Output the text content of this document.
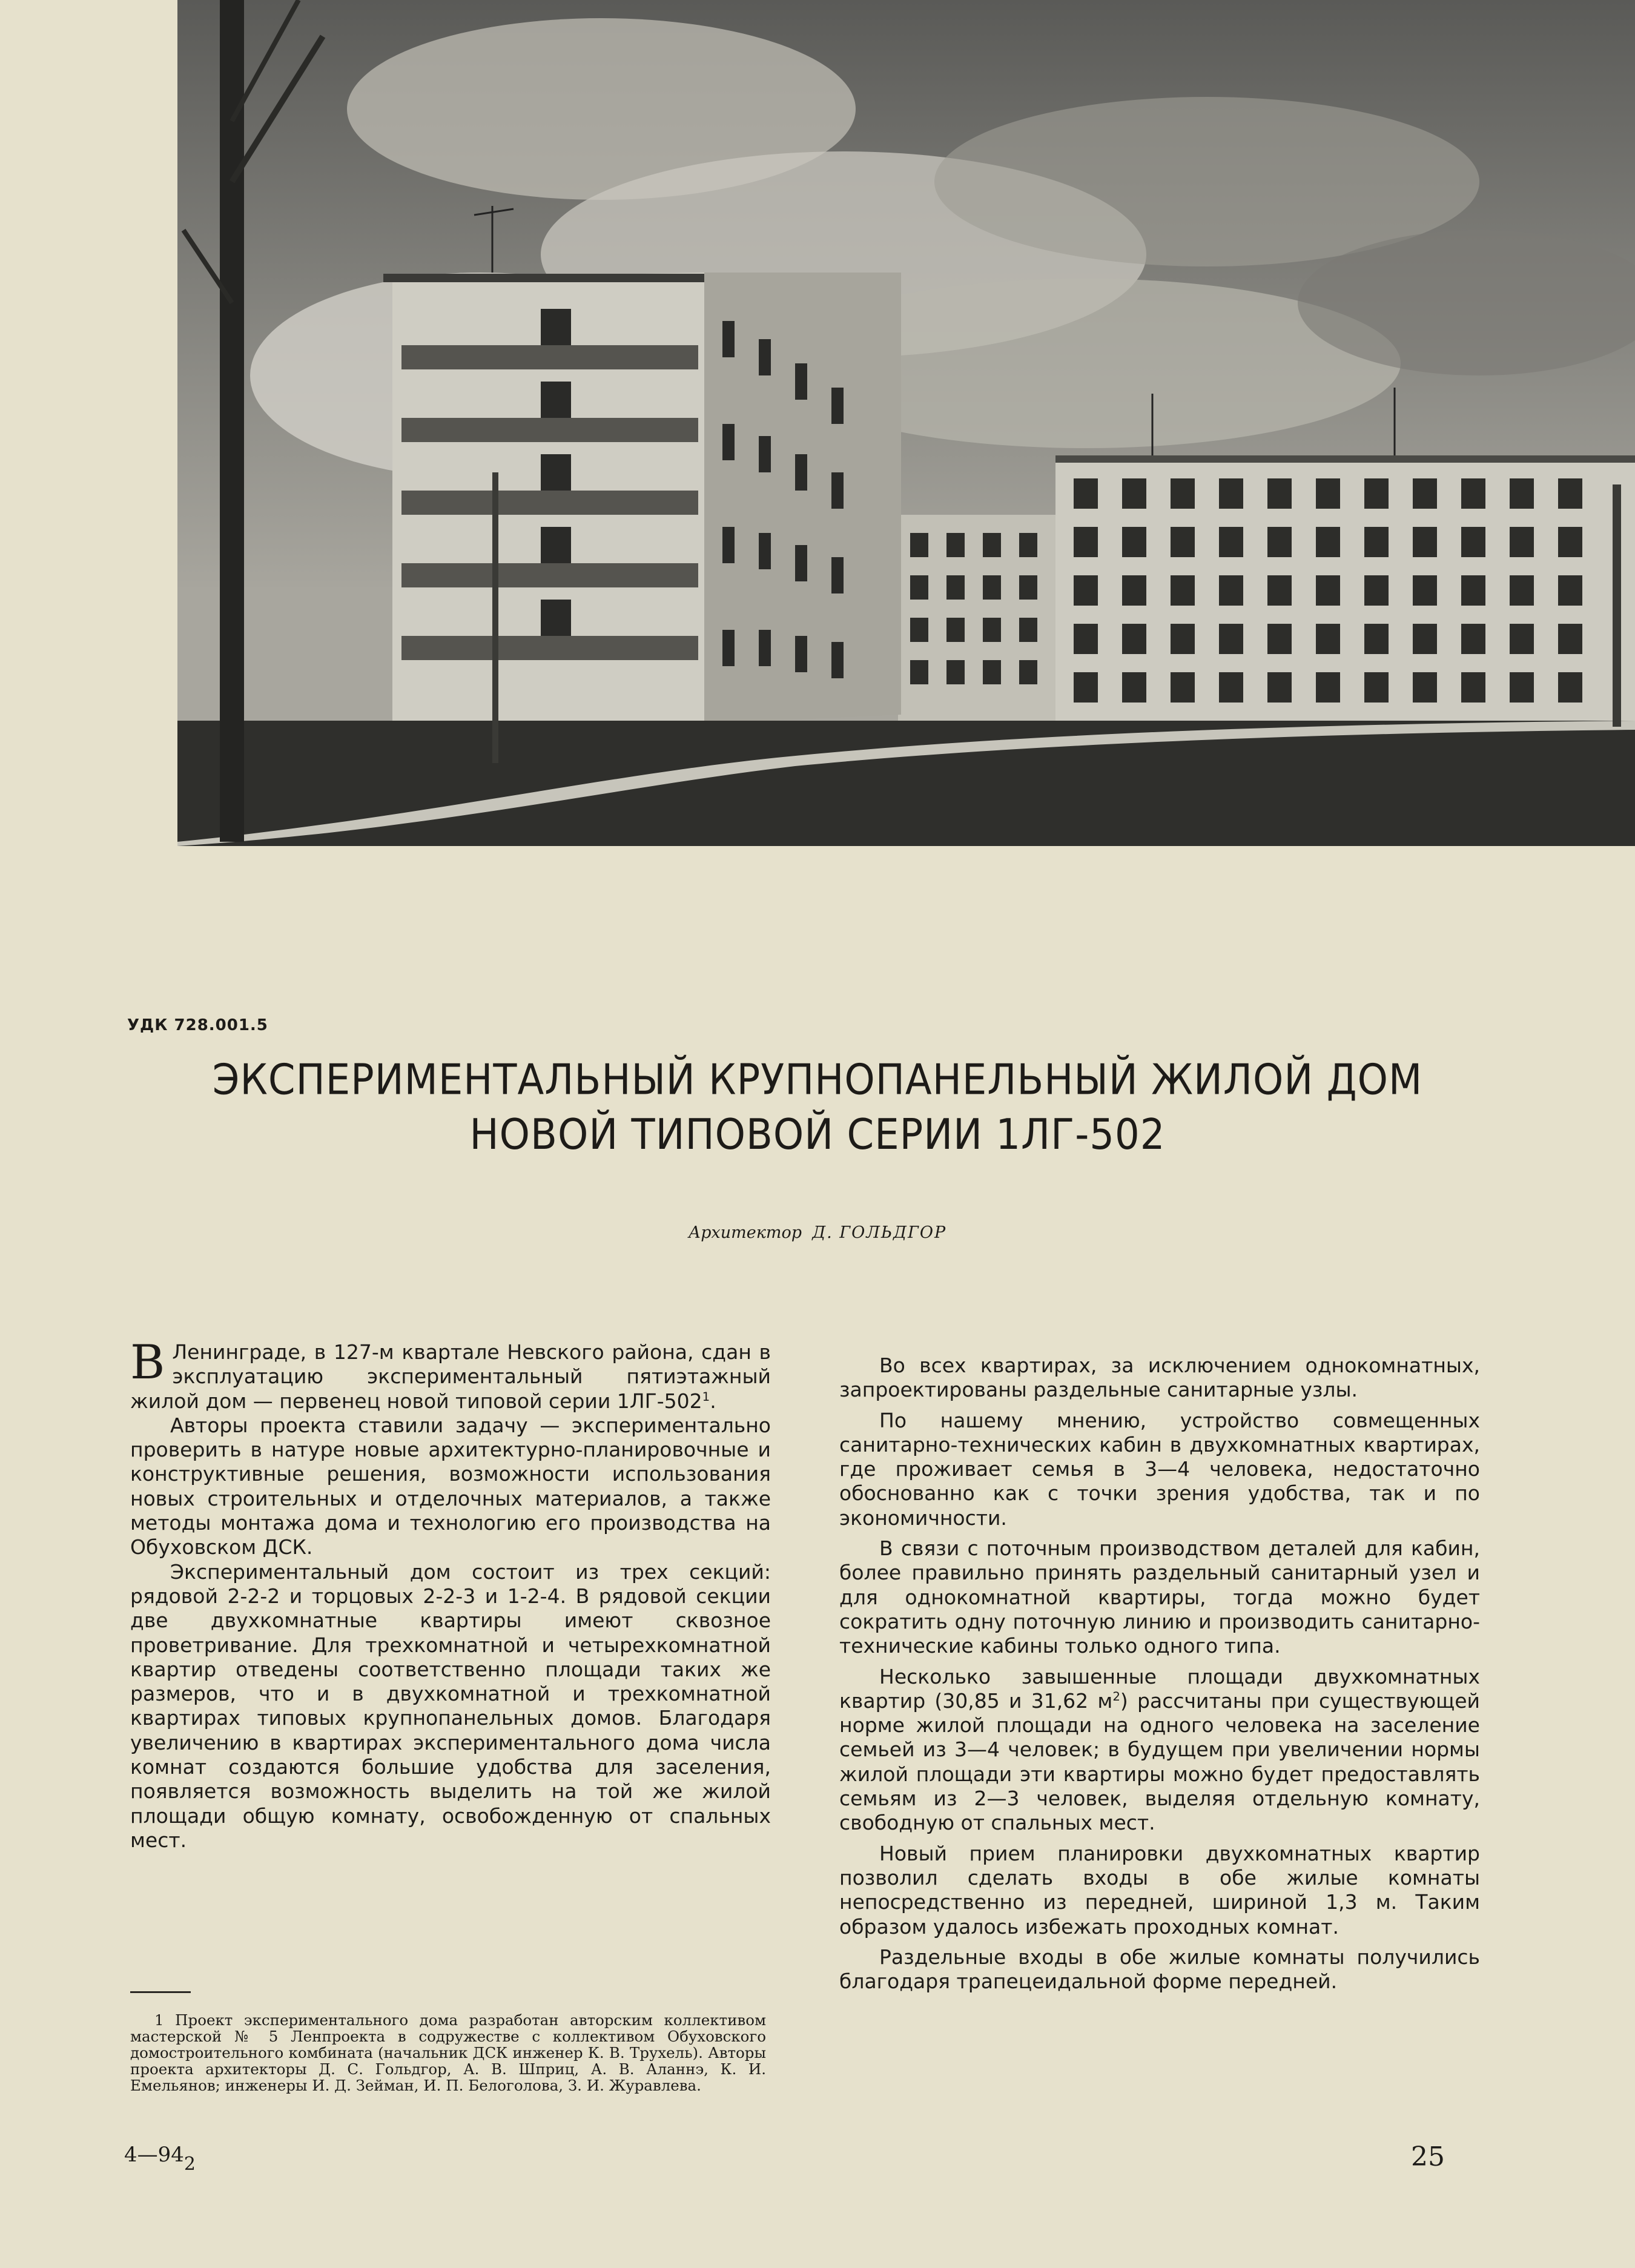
УДК 728.001.5
ЭКСПЕРИМЕНТАЛЬНЫЙ КРУПНОПАНЕЛЬНЫЙ ЖИЛОЙ ДОМ
НОВОЙ ТИПОВОЙ СЕРИИ 1ЛГ-502
Архитектор Д. ГОЛЬДГОР

В Ленинграде, в 127-м квартале Невского района, сдан в эксплуатацию экспериментальный пятиэтажный жилой дом — первенец новой типовой серии $1ЛГ-502^1$.

Авторы проекта ставили задачу — экспериментально проверить в натуре новые архитектурно-планировочные и конструктивные решения, возможности использования новых строительных и отделочных материалов, а также методы монтажа дома и технологию его производства на Обуховском ДСК.

Экспериментальный дом состоит из трех секций: рядовой 2-2-2 и торцовых 2-2-3 и 1-2-4. В рядовой секции две двухкомнатные квартиры имеют сквозное проветривание. Для трехкомнатной и четырехкомнатной квартир отведены соответственно площади таких же размеров, что и в двухкомнатной и трехкомнатной квартирах типовых крупнопанельных домов. Благодаря увеличению в квартирах экспериментального дома числа комнат создаются большие удобства для заселения, появляется возможность выделить на той же жилой площади общую комнату, освобожденную от спальных мест.

Во всех квартирах, за исключением однокомнатных, запроектированы раздельные санитарные узлы.

По нашему мнению, устройство совмещенных санитарно-технических кабин в двухкомнатных квартирах, где проживает семья в 3—4 человека, недостаточно обоснованно как с точки зрения удобства, так и по экономичности.

В связи с поточным производством деталей для кабин, более правильно принять раздельный санитарный узел и для однокомнатной квартиры, тогда можно будет сократить одну поточную линию и производить санитарно-технические кабины только одного типа.

Несколько завышенные площади двухкомнатных квартир (30,85 и 31,62 $м^2$) рассчитаны при существующей норме жилой площади на одного человека на заселение семьей из 3—4 человек; в будущем при увеличении нормы жилой площади эти квартиры можно будет предоставлять семьям из 2—3 человек, выделяя отдельную комнату, свободную от спальных мест.

Новый прием планировки двухкомнатных квартир позволил сделать входы в обе жилые комнаты непосредственно из передней, шириной 1,3 м. Таким образом удалось избежать проходных комнат.

Раздельные входы в обе жилые комнаты получились благодаря трапецеидальной форме передней.

1 Проект экспериментального дома разработан авторским коллективом мастерской № 5 Ленпроекта в содружестве с коллективом Обуховского домостроительного комбината (начальник ДСК инженер К. В. Трухель). Авторы проекта архитекторы Д. С. Гольдгор, А. В. Шприц, А. В. Аланнэ, К. И. Емельянов; инженеры И. Д. Зейман, И. П. Белоголова, З. И. Журавлева.

$4—94_2$	25
